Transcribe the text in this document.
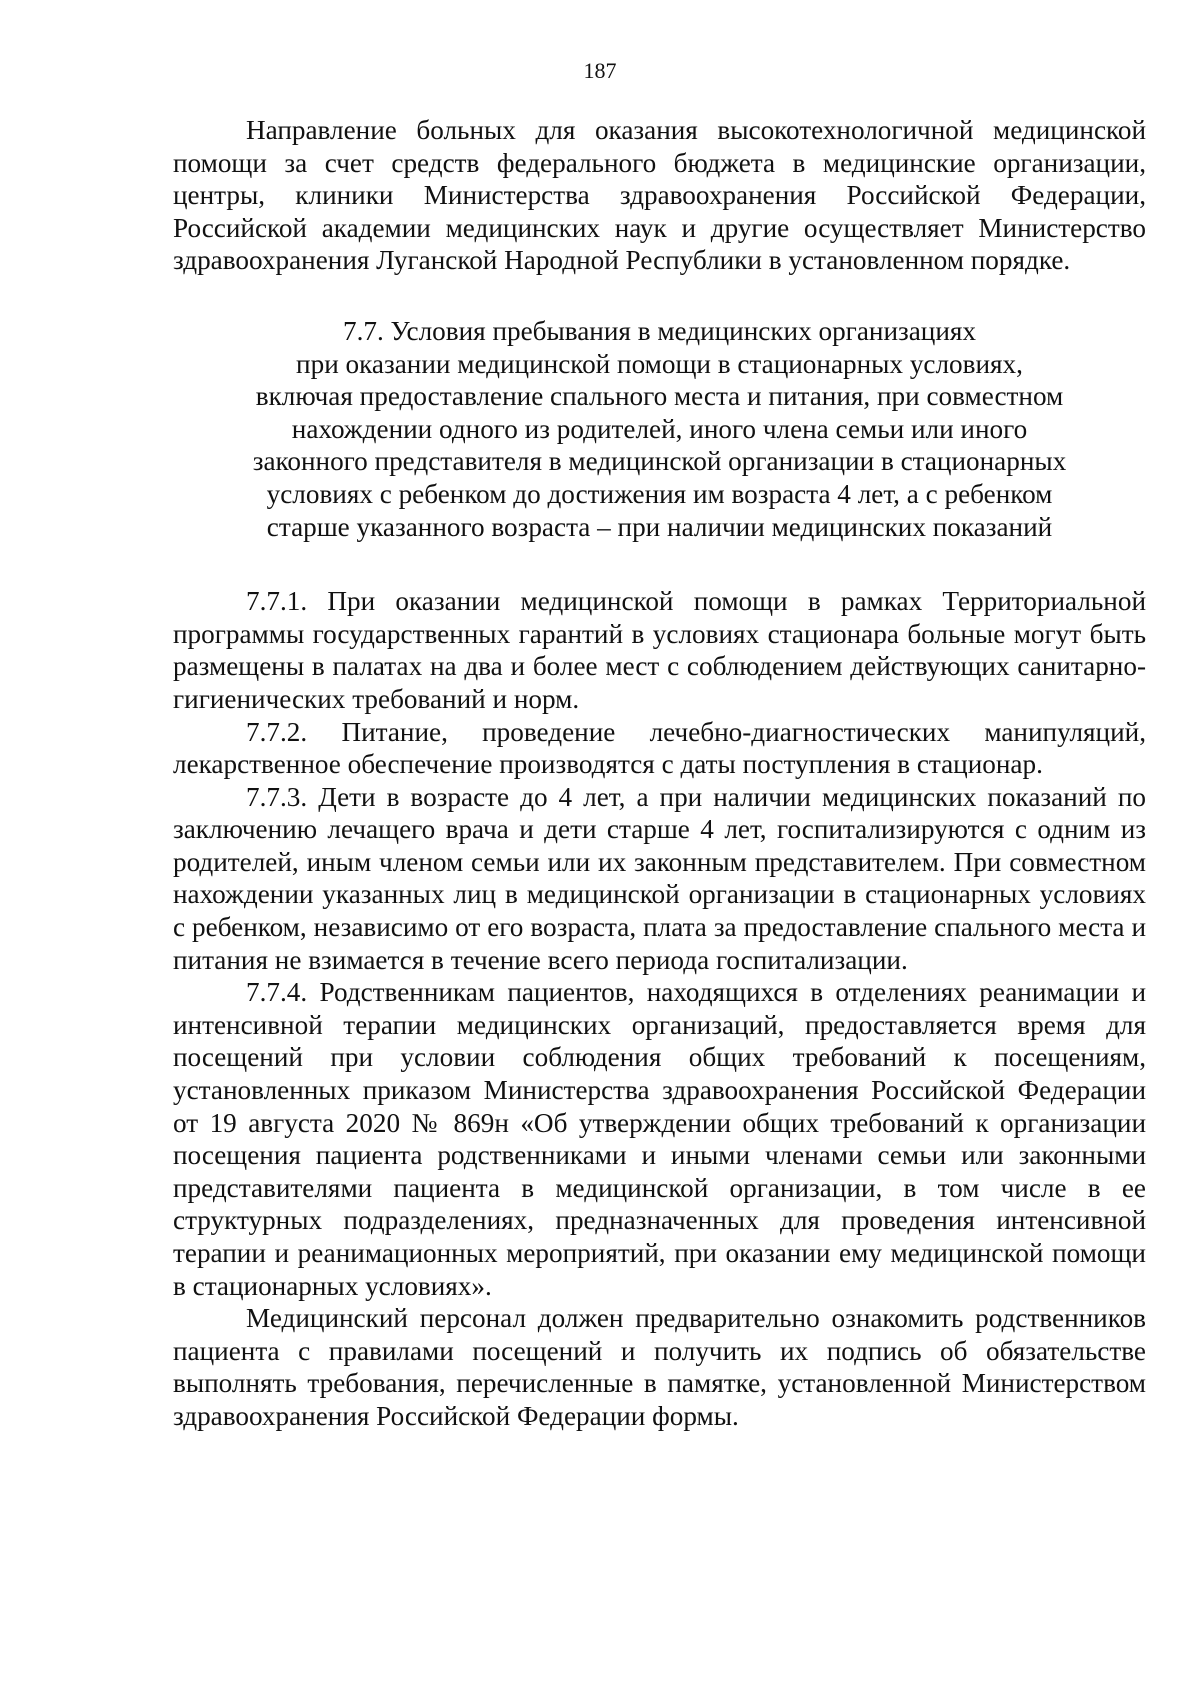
187

Направление больных для оказания высокотехнологичной медицинской помощи за счет средств федерального бюджета в медицинские организации, центры, клиники Министерства здравоохранения Российской Федерации, Российской академии медицинских наук и другие осуществляет Министерство здравоохранения Луганской Народной Республики в установленном порядке.

7.7. Условия пребывания в медицинских организациях
при оказании медицинской помощи в стационарных условиях,
включая предоставление спального места и питания, при совместном
нахождении одного из родителей, иного члена семьи или иного
законного представителя в медицинской организации в стационарных
условиях с ребенком до достижения им возраста 4 лет, а с ребенком
старше указанного возраста – при наличии медицинских показаний

7.7.1. При оказании медицинской помощи в рамках Территориальной программы государственных гарантий в условиях стационара больные могут быть размещены в палатах на два и более мест с соблюдением действующих санитарно-гигиенических требований и норм.

7.7.2. Питание, проведение лечебно-диагностических манипуляций, лекарственное обеспечение производятся с даты поступления в стационар.

7.7.3. Дети в возрасте до 4 лет, а при наличии медицинских показаний по заключению лечащего врача и дети старше 4 лет, госпитализируются с одним из родителей, иным членом семьи или их законным представителем. При совместном нахождении указанных лиц в медицинской организации в стационарных условиях с ребенком, независимо от его возраста, плата за предоставление спального места и питания не взимается в течение всего периода госпитализации.

7.7.4. Родственникам пациентов, находящихся в отделениях реанимации и интенсивной терапии медицинских организаций, предоставляется время для посещений при условии соблюдения общих требований к посещениям, установленных приказом Министерства здравоохранения Российской Федерации от 19 августа 2020 № 869н «Об утверждении общих требований к организации посещения пациента родственниками и иными членами семьи или законными представителями пациента в медицинской организации, в том числе в ее структурных подразделениях, предназначенных для проведения интенсивной терапии и реанимационных мероприятий, при оказании ему медицинской помощи в стационарных условиях».

Медицинский персонал должен предварительно ознакомить родственников пациента с правилами посещений и получить их подпись об обязательстве выполнять требования, перечисленные в памятке, установленной Министерством здравоохранения Российской Федерации формы.
